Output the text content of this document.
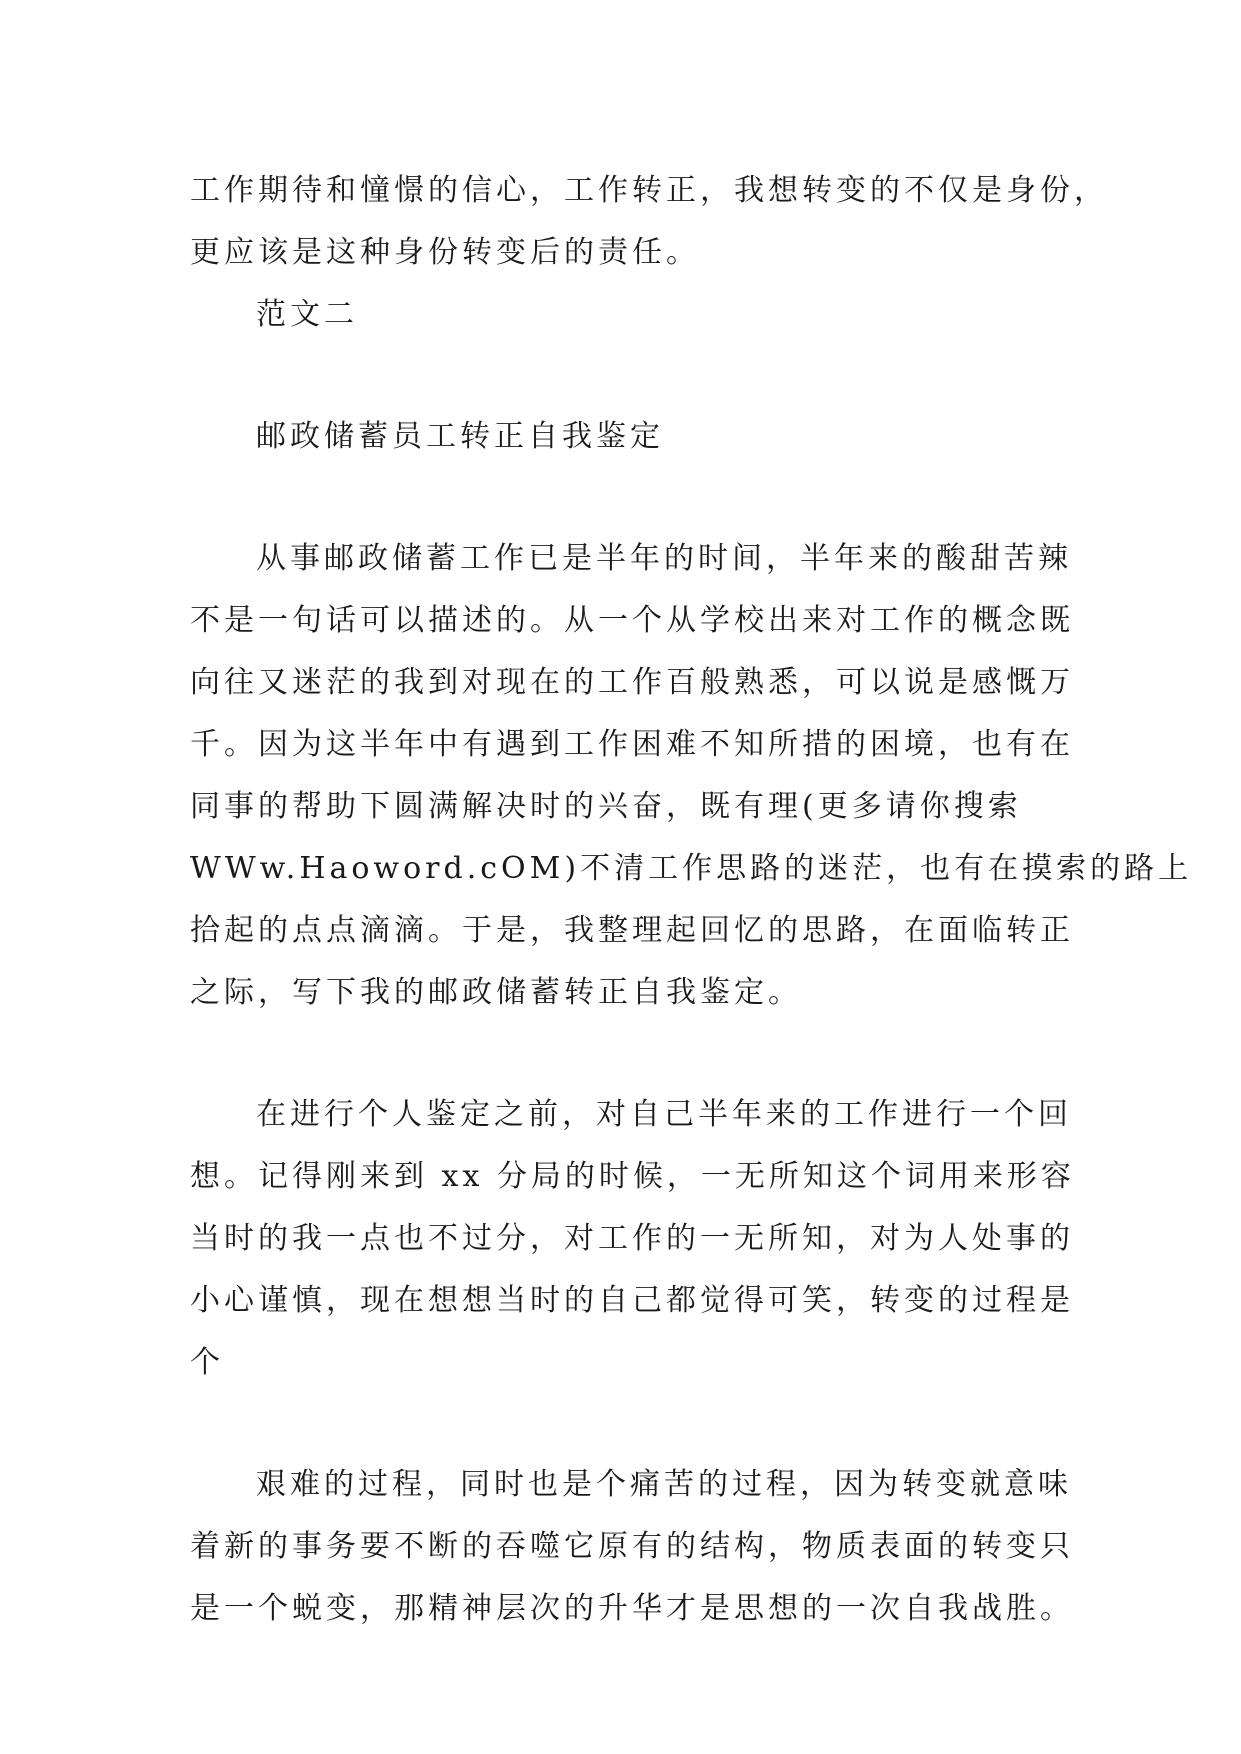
工作期待和憧憬的信心，工作转正，我想转变的不仅是身份，
更应该是这种身份转变后的责任。
范文二
邮政储蓄员工转正自我鉴定
从事邮政储蓄工作已是半年的时间，半年来的酸甜苦辣
不是一句话可以描述的。从一个从学校出来对工作的概念既
向往又迷茫的我到对现在的工作百般熟悉，可以说是感慨万
千。因为这半年中有遇到工作困难不知所措的困境，也有在
同事的帮助下圆满解决时的兴奋，既有理(更多请你搜索
WWw.Haoword.cOM)不清工作思路的迷茫，也有在摸索的路上
拾起的点点滴滴。于是，我整理起回忆的思路，在面临转正
之际，写下我的邮政储蓄转正自我鉴定。
在进行个人鉴定之前，对自己半年来的工作进行一个回
想。记得刚来到 xx 分局的时候，一无所知这个词用来形容
当时的我一点也不过分，对工作的一无所知，对为人处事的
小心谨慎，现在想想当时的自己都觉得可笑，转变的过程是
个
艰难的过程，同时也是个痛苦的过程，因为转变就意味
着新的事务要不断的吞噬它原有的结构，物质表面的转变只
是一个蜕变，那精神层次的升华才是思想的一次自我战胜。
